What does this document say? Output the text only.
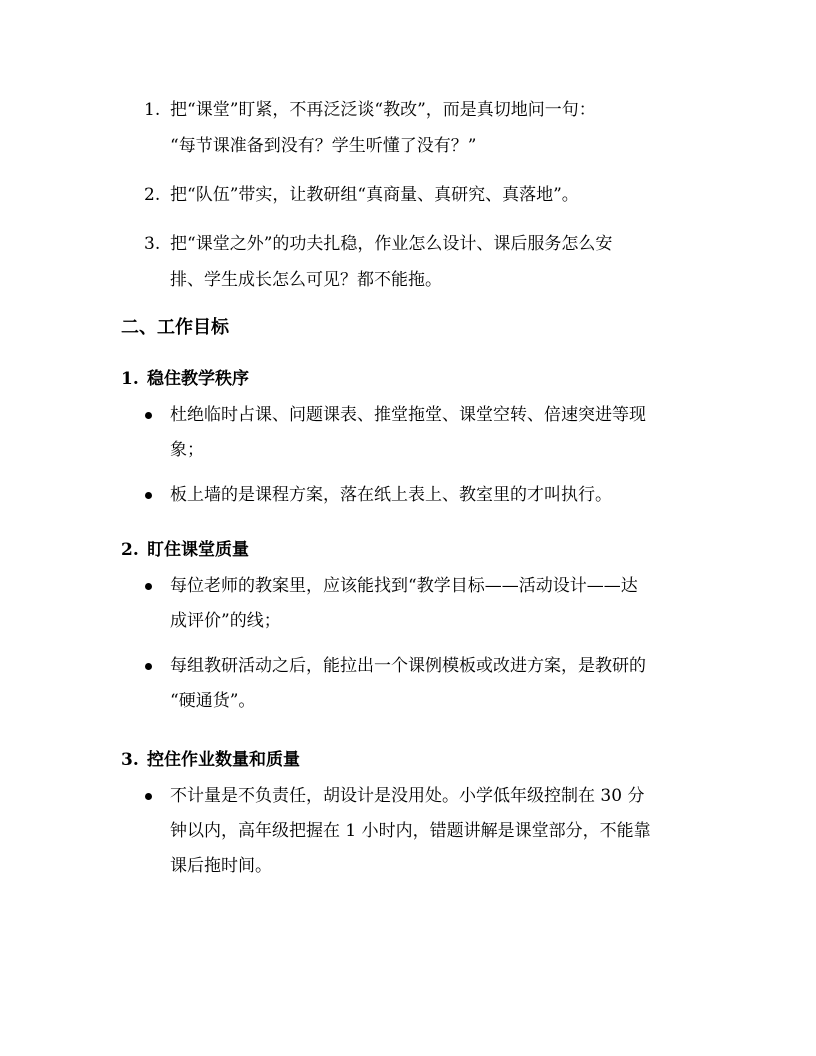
1. 把“课堂”盯紧，不再泛泛谈“教改”，而是真切地问一句：
“每节课准备到没有？学生听懂了没有？”
2. 把“队伍”带实，让教研组“真商量、真研究、真落地”。
3. 把“课堂之外”的功夫扎稳，作业怎么设计、课后服务怎么安
排、学生成长怎么可见？都不能拖。
二、工作目标
1. 稳住教学秩序
杜绝临时占课、问题课表、推堂拖堂、课堂空转、倍速突进等现
象；
板上墙的是课程方案，落在纸上表上、教室里的才叫执行。
2. 盯住课堂质量
每位老师的教案里，应该能找到“教学目标——活动设计——达
成评价”的线；
每组教研活动之后，能拉出一个课例模板或改进方案，是教研的
“硬通货”。
3. 控住作业数量和质量
不计量是不负责任，胡设计是没用处。小学低年级控制在 30 分
钟以内，高年级把握在 1 小时内，错题讲解是课堂部分，不能靠
课后拖时间。
